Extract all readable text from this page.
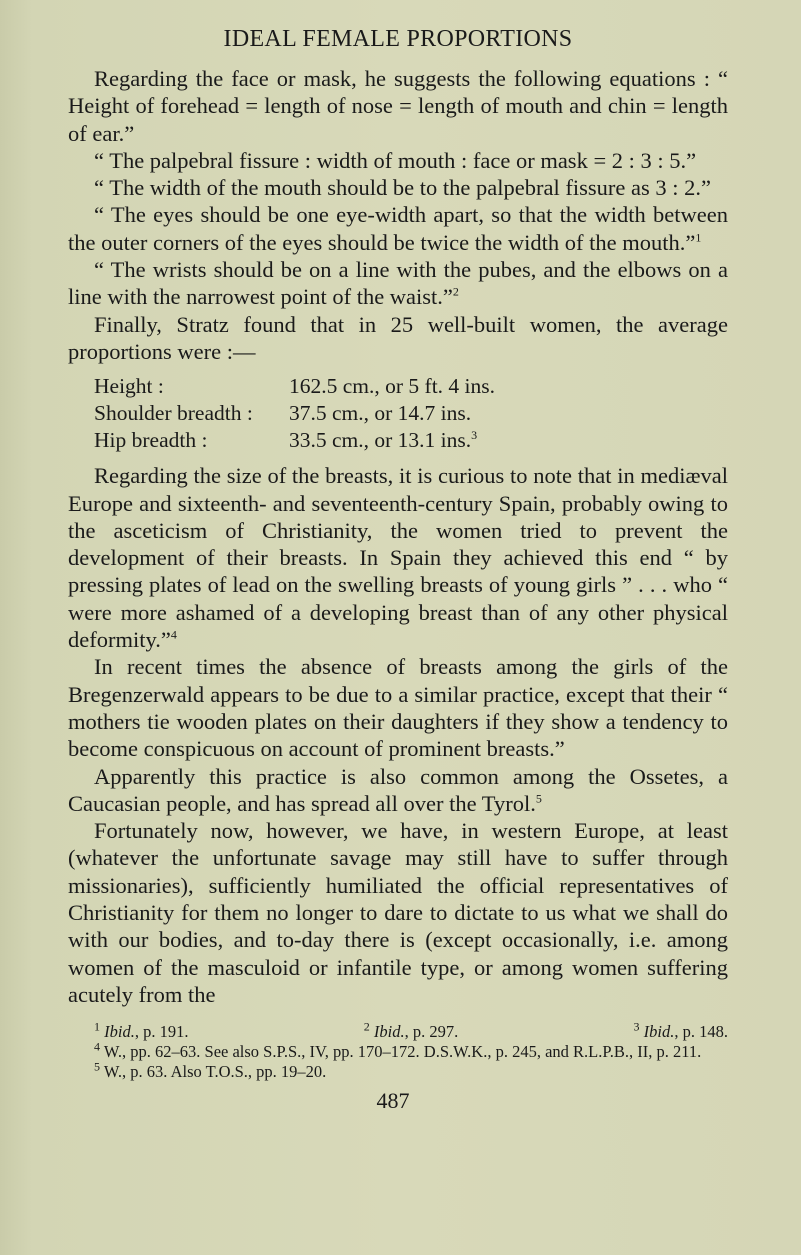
IDEAL FEMALE PROPORTIONS

Regarding the face or mask, he suggests the following equations : “ Height of forehead = length of nose = length of mouth and chin = length of ear.”

“ The palpebral fissure : width of mouth : face or mask = 2 : 3 : 5.”

“ The width of the mouth should be to the palpebral fissure as 3 : 2.”

“ The eyes should be one eye-width apart, so that the width between the outer corners of the eyes should be twice the width of the mouth.”$^1$

“ The wrists should be on a line with the pubes, and the elbows on a line with the narrowest point of the waist.”$^2$

Finally, Stratz found that in 25 well-built women, the average proportions were :—

Height :	162.5 cm., or 5 ft. 4 ins.
Shoulder breadth :	37.5 cm., or 14.7 ins.
Hip breadth :	33.5 cm., or 13.1 ins.$^3$

Regarding the size of the breasts, it is curious to note that in mediæval Europe and sixteenth- and seventeenth-century Spain, probably owing to the asceticism of Christianity, the women tried to prevent the development of their breasts. In Spain they achieved this end “ by pressing plates of lead on the swelling breasts of young girls ” . . . who “ were more ashamed of a developing breast than of any other physical deformity.”$^4$

In recent times the absence of breasts among the girls of the Bregenzerwald appears to be due to a similar practice, except that their “ mothers tie wooden plates on their daughters if they show a tendency to become conspicuous on account of prominent breasts.”

Apparently this practice is also common among the Ossetes, a Caucasian people, and has spread all over the Tyrol.$^5$

Fortunately now, however, we have, in western Europe, at least (whatever the unfortunate savage may still have to suffer through missionaries), sufficiently humiliated the official representatives of Christianity for them no longer to dare to dictate to us what we shall do with our bodies, and to-day there is (except occasionally, i.e. among women of the masculoid or infantile type, or among women suffering acutely from the

$^1$ Ibid., p. 191.	$^2$ Ibid., p. 297.	$^3$ Ibid., p. 148.
$^4$ W., pp. 62–63. See also S.P.S., IV, pp. 170–172. D.S.W.K., p. 245, and R.L.P.B., II, p. 211.
$^5$ W., p. 63. Also T.O.S., pp. 19–20.
487
